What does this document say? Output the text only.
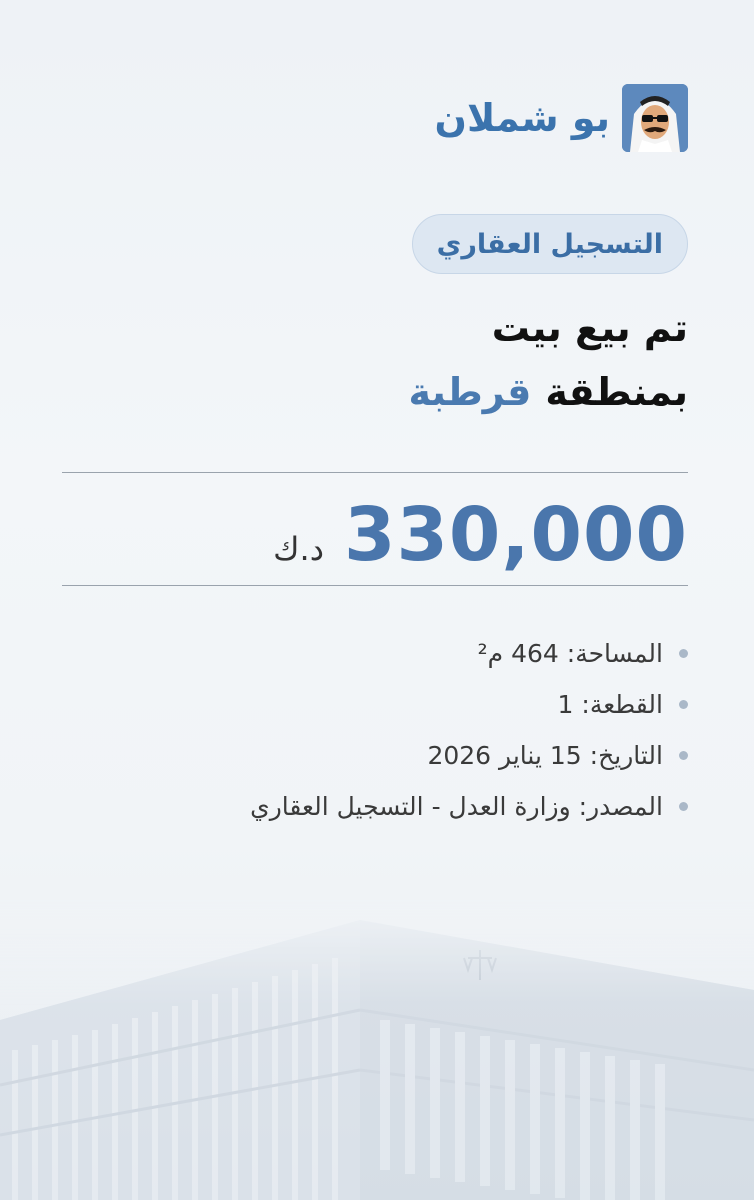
بو شملان
التسجيل العقاري
تم بيع بيت
بمنطقةقرطبة
330,000
د.ك
المساحة:
464 م²
القطعة:
1
التاريخ:
15 يناير 2026
المصدر:
وزارة العدل - التسجيل العقاري
